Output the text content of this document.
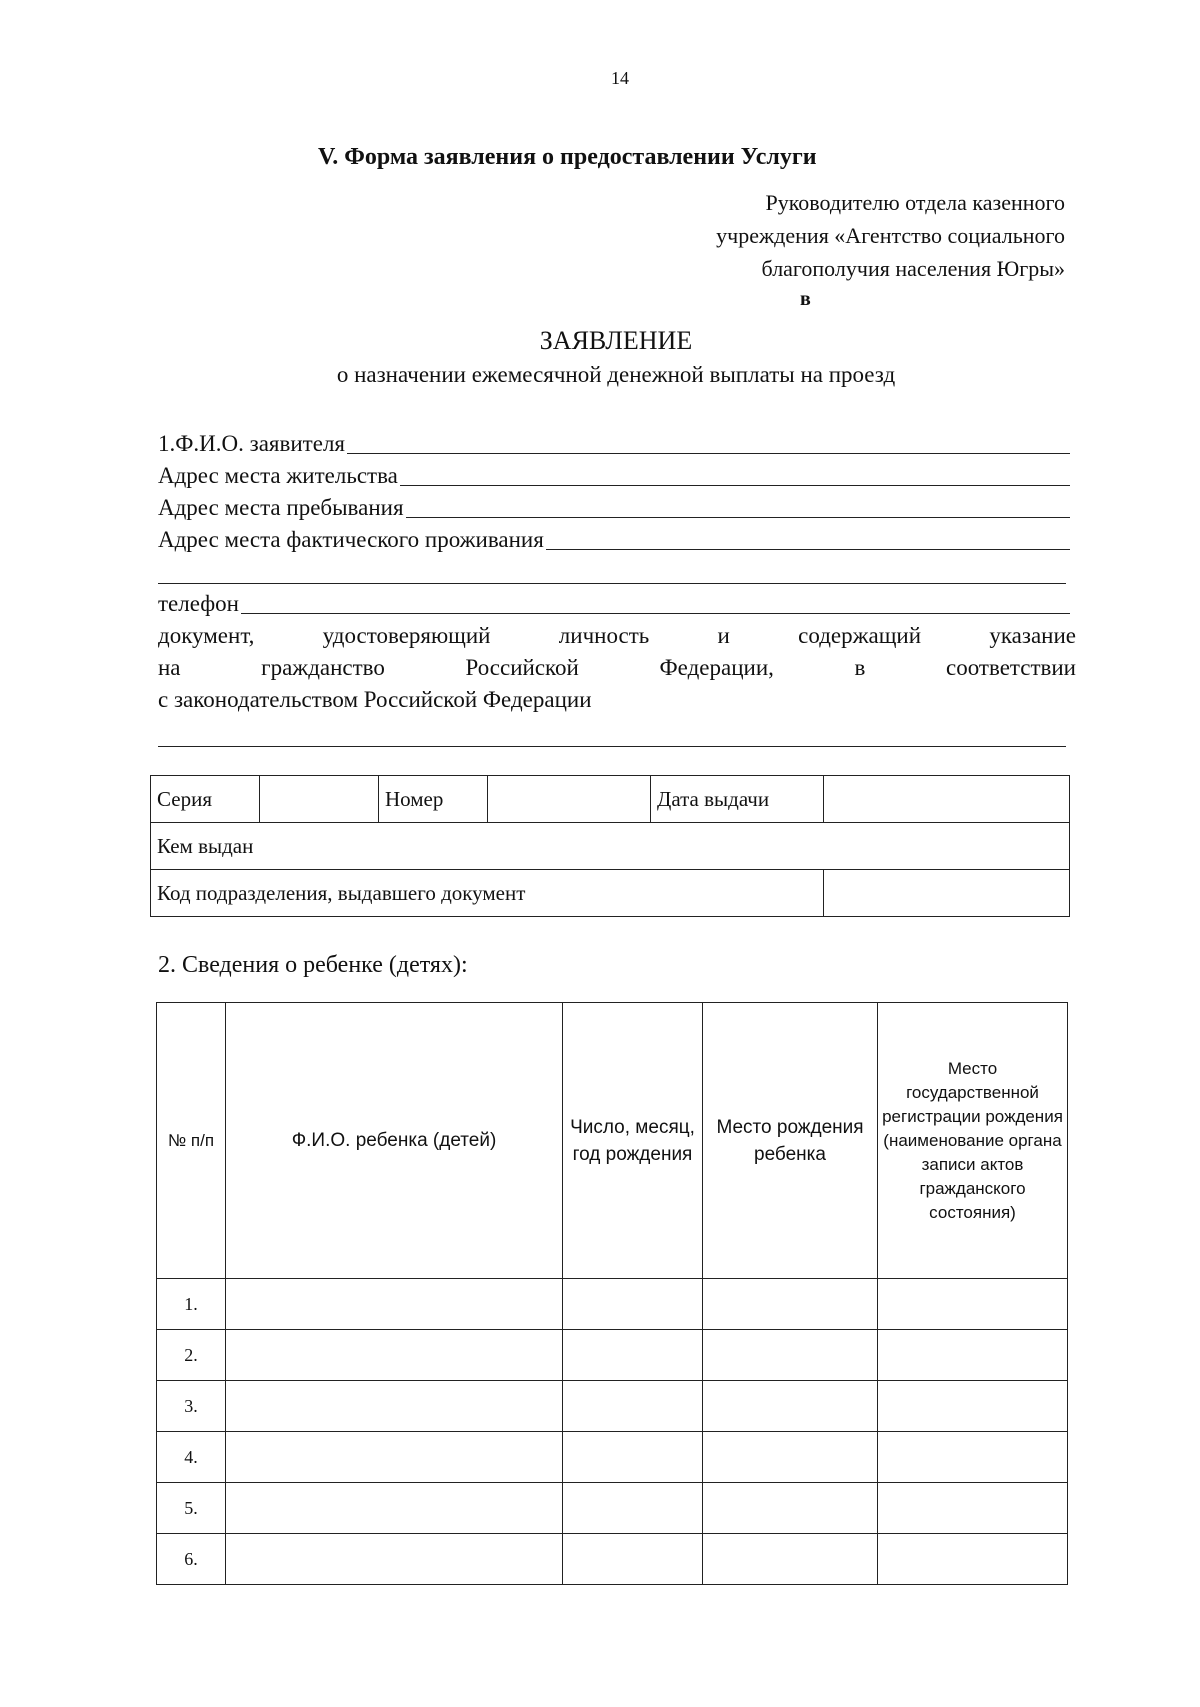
14
V. Форма заявления о предоставлении Услуги
Руководителю отдела казенного
учреждения «Агентство социального
благополучия населения Югры»
в
ЗАЯВЛЕНИЕ
о назначении ежемесячной денежной выплаты на проезд
1.Ф.И.О. заявителя
Адрес места жительства
Адрес места пребывания
Адрес места фактического проживания
телефон
документ, удостоверяющий личность и содержащий указание
на гражданство Российской Федерации, в соответствии
с законодательством Российской Федерации
Серия		Номер		Дата выдачи	
Кем выдан					
Код подразделения, выдавшего документ					
2. Сведения о ребенке (детях):
№ п/п	Ф.И.О. ребенка (детей)	Число, месяц, год рождения	Место рождения ребенка	Место государственной регистрации рождения (наименование органа записи актов гражданского состояния)
1.				
2.				
3.				
4.				
5.				
6.				
